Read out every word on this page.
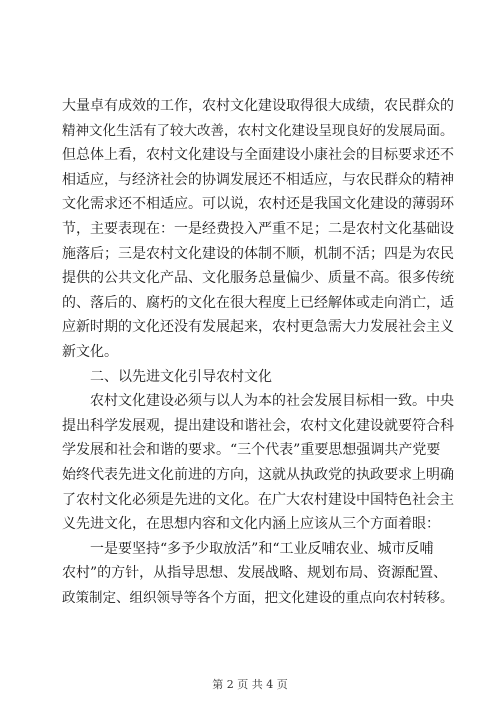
大量卓有成效的工作，农村文化建设取得很大成绩，农民群众的
精神文化生活有了较大改善，农村文化建设呈现良好的发展局面。
但总体上看，农村文化建设与全面建设小康社会的目标要求还不
相适应，与经济社会的协调发展还不相适应，与农民群众的精神
文化需求还不相适应。可以说，农村还是我国文化建设的薄弱环
节，主要表现在：一是经费投入严重不足；二是农村文化基础设
施落后；三是农村文化建设的体制不顺，机制不活；四是为农民
提供的公共文化产品、文化服务总量偏少、质量不高。很多传统
的、落后的、腐朽的文化在很大程度上已经解体或走向消亡，适
应新时期的文化还没有发展起来，农村更急需大力发展社会主义
新文化。
二、以先进文化引导农村文化
农村文化建设必须与以人为本的社会发展目标相一致。中央
提出科学发展观，提出建设和谐社会，农村文化建设就要符合科
学发展和社会和谐的要求。“三个代表”重要思想强调共产党要
始终代表先进文化前进的方向，这就从执政党的执政要求上明确
了农村文化必须是先进的文化。在广大农村建设中国特色社会主
义先进文化，在思想内容和文化内涵上应该从三个方面着眼：
一是要坚持“多予少取放活”和“工业反哺农业、城市反哺
农村”的方针，从指导思想、发展战略、规划布局、资源配置、
政策制定、组织领导等各个方面，把文化建设的重点向农村转移。
第 2 页 共 4 页
